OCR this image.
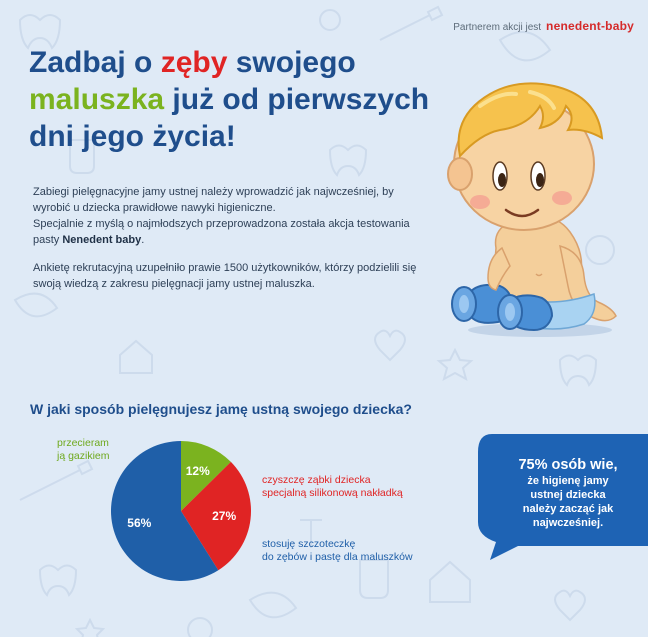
Partnerem akcji jest nenedent-baby
Zadbaj o zęby swojego
maluszka już od pierwszych
dni jego życia!

Zabiegi pielęgnacyjne jamy ustnej należy wprowadzić jak najwcześniej, by wyrobić u dziecka prawidłowe nawyki higieniczne.
Specjalnie z myślą o najmłodszych przeprowadzona została akcja testowania pasty Nenedent baby.

Ankietę rekrutacyjną uzupełniło prawie 1500 użytkowników, którzy podzielili się swoją wiedzą z zakresu pielęgnacji jamy ustnej maluszka.

W jaki sposób pielęgnujesz jamę ustną swojego dziecka?
12%
27%
56%
przecieram
ją gazikiem
czyszczę ząbki dziecka
specjalną silikonową nakładką
stosuję szczoteczkę
do zębów i pastę dla maluszków
75% osób wie,
że higienę jamy
ustnej dziecka
należy zacząć jak
najwcześniej.
